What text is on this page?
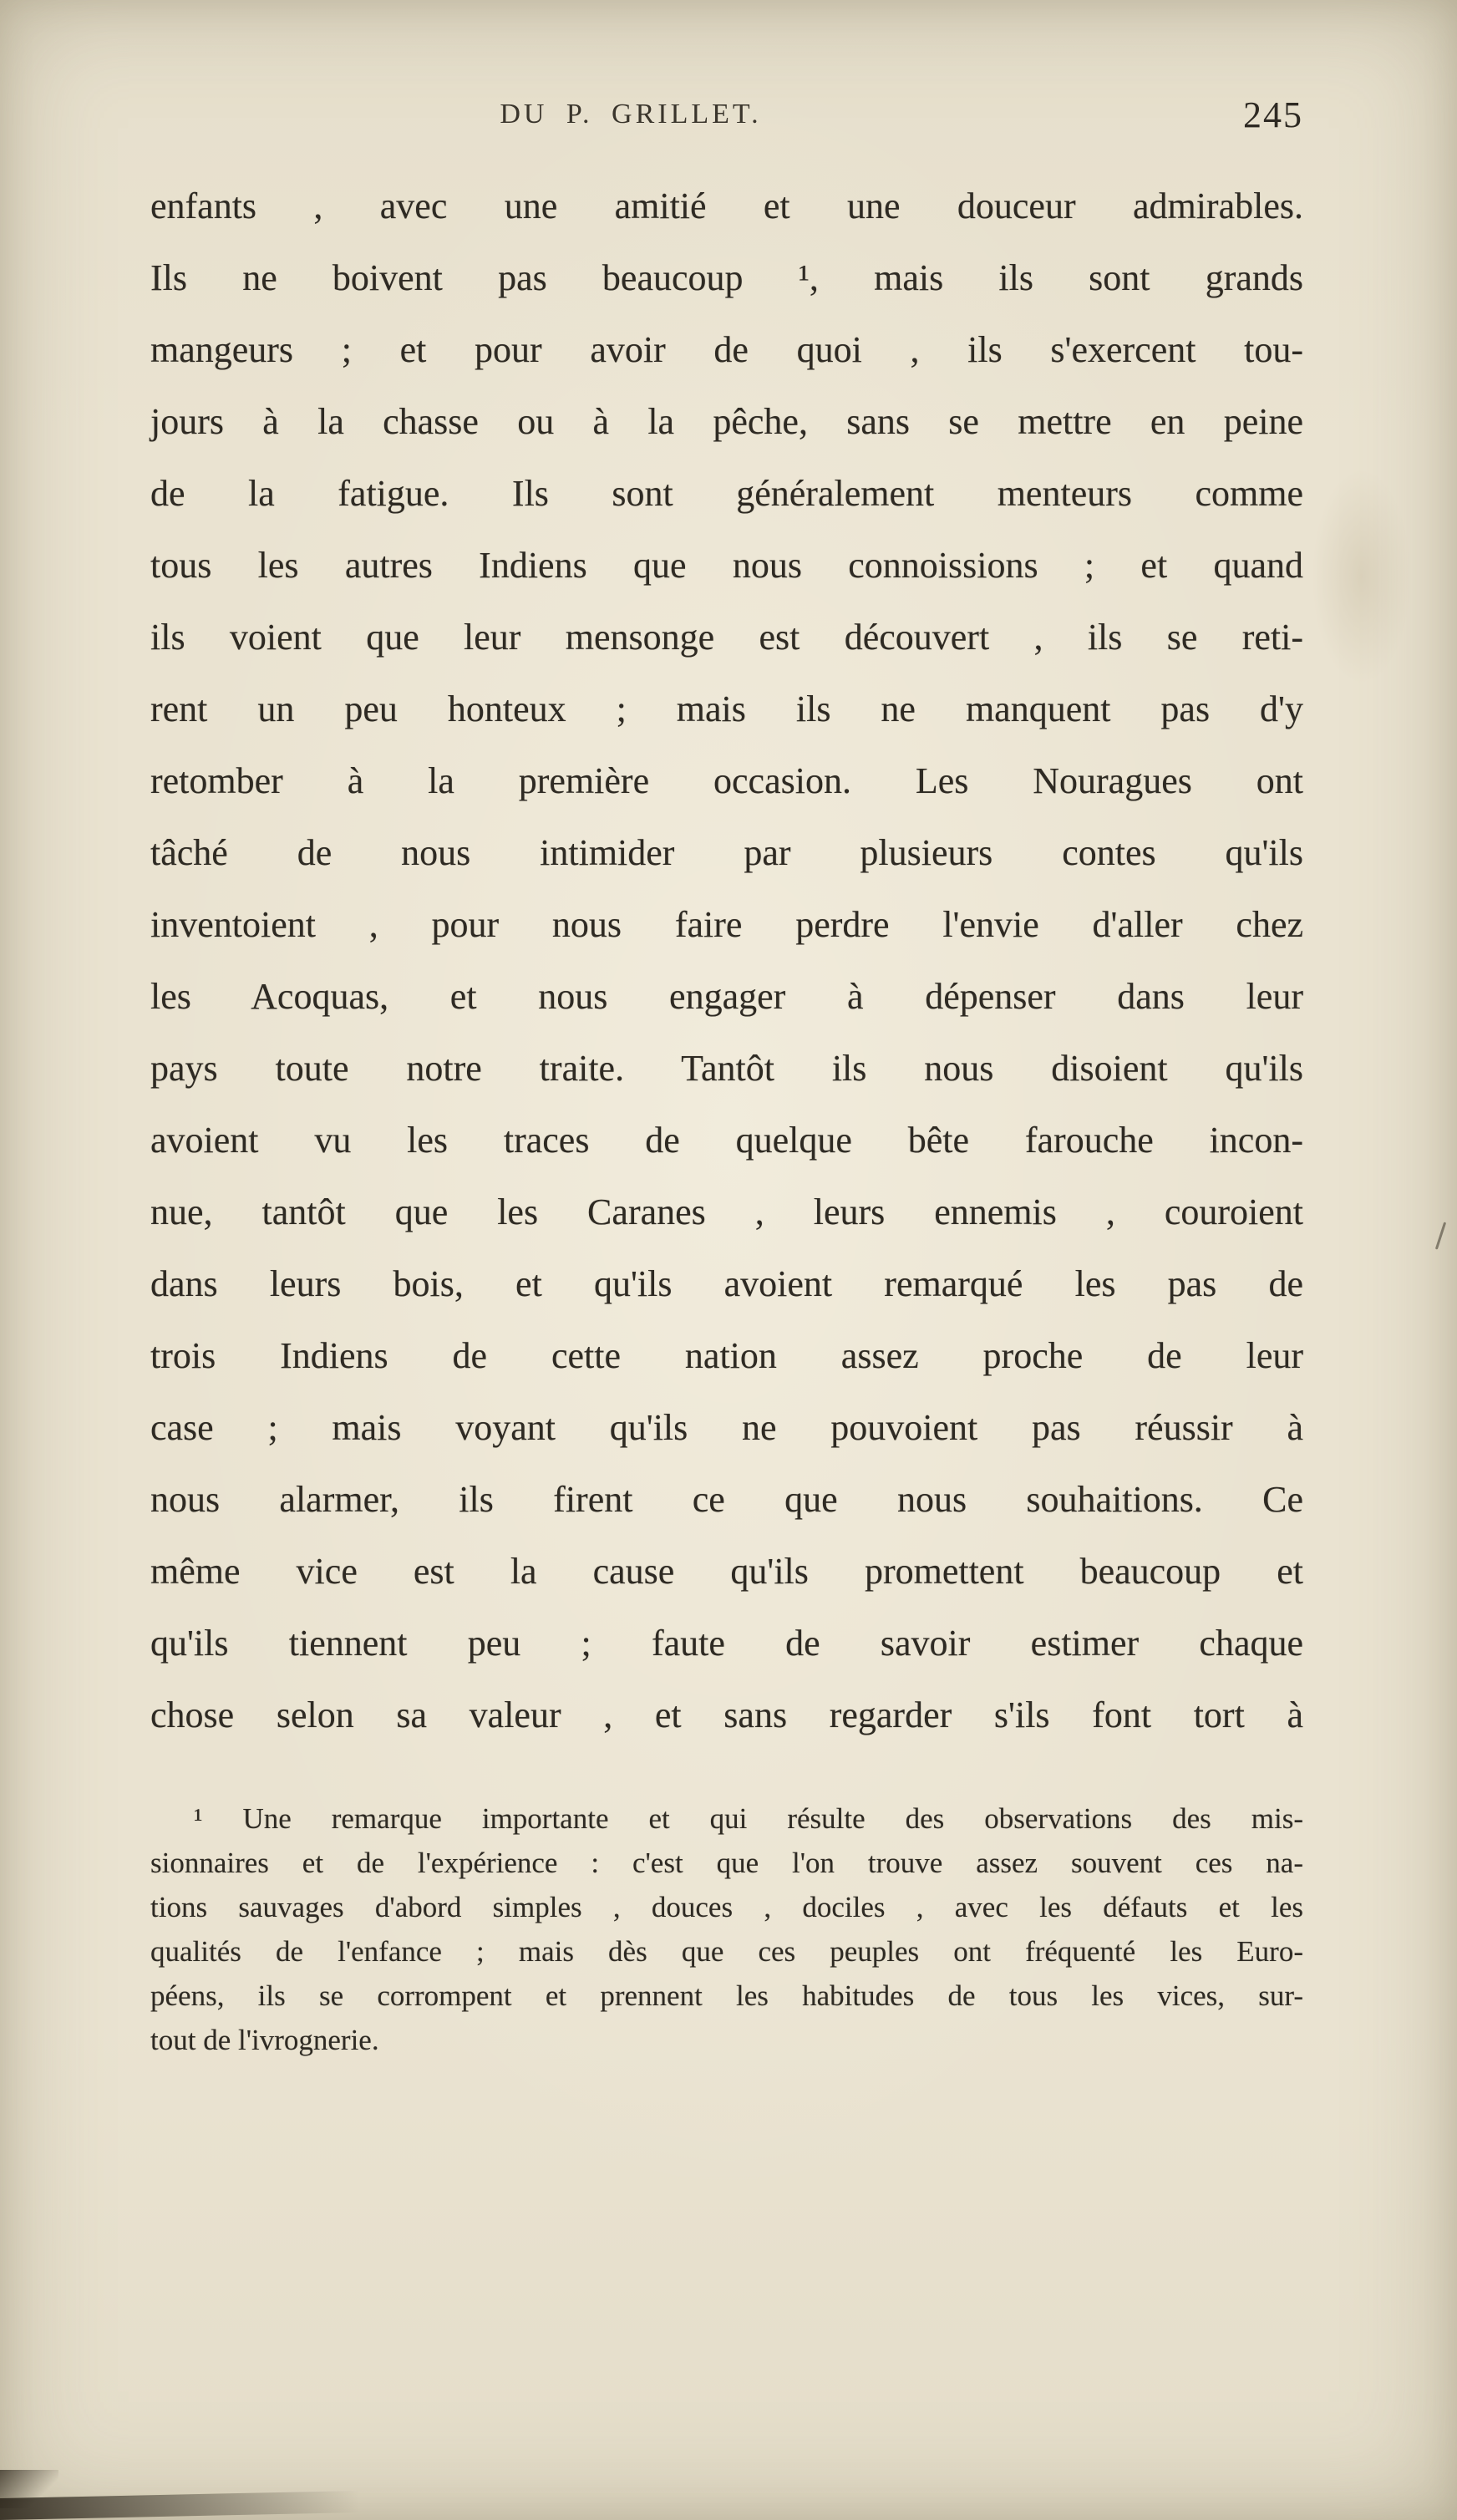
DU P. GRILLET.	245
enfants , avec une amitié et une douceur admirables.
Ils ne boivent pas beaucoup ¹, mais ils sont grands
mangeurs ; et pour avoir de quoi , ils s'exercent tou-
jours à la chasse ou à la pêche, sans se mettre en peine
de la fatigue. Ils sont généralement menteurs comme
tous les autres Indiens que nous connoissions ; et quand
ils voient que leur mensonge est découvert , ils se reti-
rent un peu honteux ; mais ils ne manquent pas d'y
retomber à la première occasion. Les Nouragues ont
tâché de nous intimider par plusieurs contes qu'ils
inventoient , pour nous faire perdre l'envie d'aller chez
les Acoquas, et nous engager à dépenser dans leur
pays toute notre traite. Tantôt ils nous disoient qu'ils
avoient vu les traces de quelque bête farouche incon-
nue, tantôt que les Caranes , leurs ennemis , couroient
dans leurs bois, et qu'ils avoient remarqué les pas de
trois Indiens de cette nation assez proche de leur
case ; mais voyant qu'ils ne pouvoient pas réussir à
nous alarmer, ils firent ce que nous souhaitions. Ce
même vice est la cause qu'ils promettent beaucoup et
qu'ils tiennent peu ; faute de savoir estimer chaque
chose selon sa valeur , et sans regarder s'ils font tort à
¹ Une remarque importante et qui résulte des observations des mis-
sionnaires et de l'expérience : c'est que l'on trouve assez souvent ces na-
tions sauvages d'abord simples , douces , dociles , avec les défauts et les
qualités de l'enfance ; mais dès que ces peuples ont fréquenté les Euro-
péens, ils se corrompent et prennent les habitudes de tous les vices, sur-
tout de l'ivrognerie.
